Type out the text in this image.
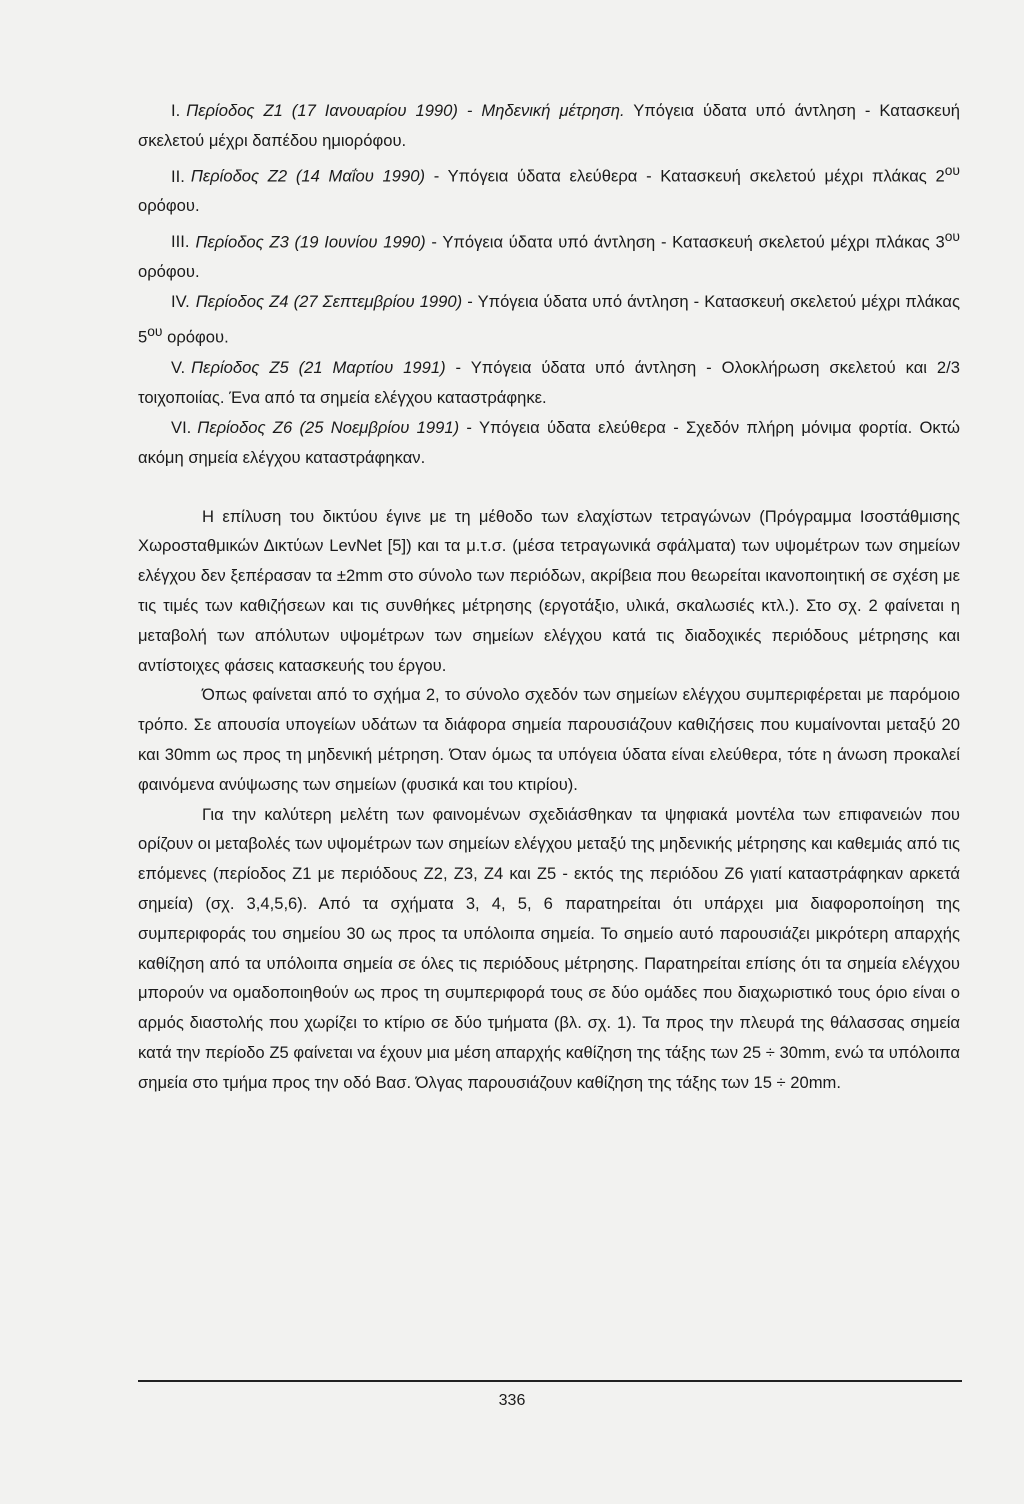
I. Περίοδος Ζ1 (17 Ιανουαρίου 1990) - Μηδενική μέτρηση. Υπόγεια ύδατα υπό άντληση - Κατασκευή σκελετού μέχρι δαπέδου ημιορόφου.

II. Περίοδος Ζ2 (14 Μαΐου 1990) - Υπόγεια ύδατα ελεύθερα - Κατασκευή σκελετού μέχρι πλάκας $2^{o\upsilon}$ ορόφου.

III. Περίοδος Ζ3 (19 Ιουνίου 1990) - Υπόγεια ύδατα υπό άντληση - Κατασκευή σκελετού μέχρι πλάκας $3^{o\upsilon}$ ορόφου.

IV. Περίοδος Ζ4 (27 Σεπτεμβρίου 1990) - Υπόγεια ύδατα υπό άντληση - Κατασκευή σκελετού μέχρι πλάκας $5^{o\upsilon}$ ορόφου.

V. Περίοδος Ζ5 (21 Μαρτίου 1991) - Υπόγεια ύδατα υπό άντληση - Ολοκλήρωση σκελετού και 2/3 τοιχοποιίας. Ένα από τα σημεία ελέγχου καταστράφηκε.

VI. Περίοδος Ζ6 (25 Νοεμβρίου 1991) - Υπόγεια ύδατα ελεύθερα - Σχεδόν πλήρη μόνιμα φορτία. Οκτώ ακόμη σημεία ελέγχου καταστράφηκαν.

Η επίλυση του δικτύου έγινε με τη μέθοδο των ελαχίστων τετραγώνων (Πρόγραμμα Ισοστάθμισης Χωροσταθμικών Δικτύων LevNet [5]) και τα μ.τ.σ. (μέσα τετραγωνικά σφάλματα) των υψομέτρων των σημείων ελέγχου δεν ξεπέρασαν τα ±2mm στο σύνολο των περιόδων, ακρίβεια που θεωρείται ικανοποιητική σε σχέση με τις τιμές των καθιζήσεων και τις συνθήκες μέτρησης (εργοτάξιο, υλικά, σκαλωσιές κτλ.). Στο σχ. 2 φαίνεται η μεταβολή των απόλυτων υψομέτρων των σημείων ελέγχου κατά τις διαδοχικές περιόδους μέτρησης και αντίστοιχες φάσεις κατασκευής του έργου.

Όπως φαίνεται από το σχήμα 2, το σύνολο σχεδόν των σημείων ελέγχου συμπεριφέρεται με παρόμοιο τρόπο. Σε απουσία υπογείων υδάτων τα διάφορα σημεία παρουσιάζουν καθιζήσεις που κυμαίνονται μεταξύ 20 και 30mm ως προς τη μηδενική μέτρηση. Όταν όμως τα υπόγεια ύδατα είναι ελεύθερα, τότε η άνωση προκαλεί φαινόμενα ανύψωσης των σημείων (φυσικά και του κτιρίου).

Για την καλύτερη μελέτη των φαινομένων σχεδιάσθηκαν τα ψηφιακά μοντέλα των επιφανειών που ορίζουν οι μεταβολές των υψομέτρων των σημείων ελέγχου μεταξύ της μηδενικής μέτρησης και καθεμιάς από τις επόμενες (περίοδος Ζ1 με περιόδους Ζ2, Ζ3, Ζ4 και Ζ5 - εκτός της περιόδου Ζ6 γιατί καταστράφηκαν αρκετά σημεία) (σχ. 3,4,5,6). Από τα σχήματα 3, 4, 5, 6 παρατηρείται ότι υπάρχει μια διαφοροποίηση της συμπεριφοράς του σημείου 30 ως προς τα υπόλοιπα σημεία. Το σημείο αυτό παρουσιάζει μικρότερη απαρχής καθίζηση από τα υπόλοιπα σημεία σε όλες τις περιόδους μέτρησης. Παρατηρείται επίσης ότι τα σημεία ελέγχου μπορούν να ομαδοποιηθούν ως προς τη συμπεριφορά τους σε δύο ομάδες που διαχωριστικό τους όριο είναι ο αρμός διαστολής που χωρίζει το κτίριο σε δύο τμήματα (βλ. σχ. 1). Τα προς την πλευρά της θάλασσας σημεία κατά την περίοδο Ζ5 φαίνεται να έχουν μια μέση απαρχής καθίζηση της τάξης των 25 ÷ 30mm, ενώ τα υπόλοιπα σημεία στο τμήμα προς την οδό Βασ. Όλγας παρουσιάζουν καθίζηση της τάξης των 15 ÷ 20mm.

336
